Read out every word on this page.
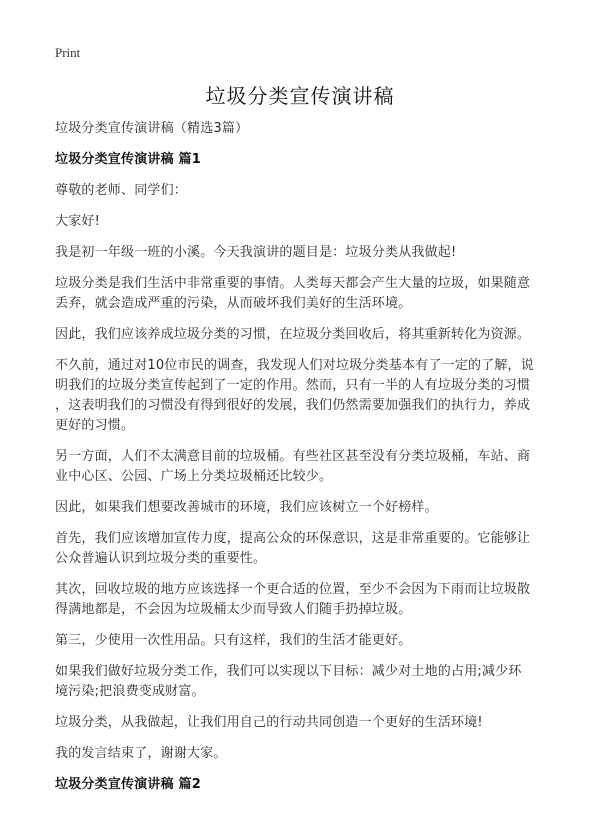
Print
垃圾分类宣传演讲稿

垃圾分类宣传演讲稿（精选3篇）

垃圾分类宣传演讲稿 篇1

尊敬的老师、同学们：

大家好!

我是初一年级一班的小溪。今天我演讲的题目是：垃圾分类从我做起!

垃圾分类是我们生活中非常重要的事情。人类每天都会产生大量的垃圾，如果随意
丢弃，就会造成严重的污染，从而破坏我们美好的生活环境。

因此，我们应该养成垃圾分类的习惯，在垃圾分类回收后，将其重新转化为资源。

不久前，通过对10位市民的调查，我发现人们对垃圾分类基本有了一定的了解，说
明我们的垃圾分类宣传起到了一定的作用。然而，只有一半的人有垃圾分类的习惯
，这表明我们的习惯没有得到很好的发展，我们仍然需要加强我们的执行力，养成
更好的习惯。

另一方面，人们不太满意目前的垃圾桶。有些社区甚至没有分类垃圾桶，车站、商
业中心区、公园、广场上分类垃圾桶还比较少。

因此，如果我们想要改善城市的环境，我们应该树立一个好榜样。

首先，我们应该增加宣传力度，提高公众的环保意识，这是非常重要的。它能够让
公众普遍认识到垃圾分类的重要性。

其次，回收垃圾的地方应该选择一个更合适的位置，至少不会因为下雨而让垃圾散
得满地都是，不会因为垃圾桶太少而导致人们随手扔掉垃圾。

第三，少使用一次性用品。只有这样，我们的生活才能更好。

如果我们做好垃圾分类工作，我们可以实现以下目标：减少对土地的占用;减少环
境污染;把浪费变成财富。

垃圾分类，从我做起，让我们用自己的行动共同创造一个更好的生活环境!

我的发言结束了，谢谢大家。

垃圾分类宣传演讲稿 篇2
